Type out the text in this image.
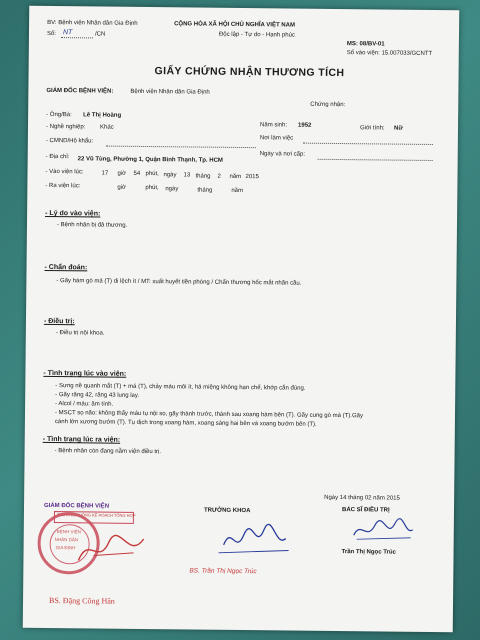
BV: Bệnh viện Nhân dân Gia Định	CỘNG HÒA XÃ HỘI CHỦ NGHĨA VIỆT NAM
Số: NT	/CN	Độc lập - Tự do - Hạnh phúc
MS: 08/BV-01
Số vào viện: 15.007033/GCNTT
GIẤY CHỨNG NHẬN THƯƠNG TÍCH
GIÁM ĐỐC BỆNH VIỆN:	Bệnh viện Nhân dân Gia Định
Chứng nhận:
- Ông/Bà: Lê Thị Hoàng
Năm sinh: 1952	Giới tính: Nữ
- Nghề nghiệp: Khác
Nơi làm việc
- CMND/Hộ khẩu:
Ngày và nơi cấp:
- Địa chỉ: 22 Vũ Tùng, Phường 1, Quận Bình Thạnh, Tp. HCM
- Vào viện lúc:	17 giờ 54 phút, ngày 13 tháng 2 năm 2015
- Ra viện lúc:	giờ	phút, ngày	tháng	năm
- Lý do vào viện:
- Bệnh nhân bị đả thương.
- Chẩn đoán:
- Gãy hàm gò má (T) di lệch ít / MT: xuất huyết tiền phòng / Chấn thương hốc mắt nhãn cầu.
- Điều trị:
- Điều trị nội khoa.
- Tình trạng lúc vào viện:
- Sưng nề quanh mắt (T) + má (T), chảy máu môi ít, há miệng không hạn chế, khớp cắn đúng.
- Gãy răng 42, răng 43 lung lay.
- Alcol / máu: âm tính.
- MSCT sọ não: không thấy máu tụ nội sọ, gãy thành trước, thành sau xoang hàm bên (T). Gãy cung gò má (T).Gãy
cánh lớn xương bướm (T). Tụ dịch trong xoang hàm, xoang sàng hai bên và xoang bướm bên (T).
- Tình trạng lúc ra viện:
- Bệnh nhân còn đang nằm viện điều trị.
Ngày 14 tháng 02 năm 2015
GIÁM ĐỐC BỆNH VIỆN
TRƯỞNG KHOA	BÁC SĨ ĐIỀU TRỊ
TRƯỞNG PHÒNG KẾ HOẠCH TỔNG HỢP
BỆNH VIỆN
NHÂN DÂN
GIA ĐỊNH
BS. Trần Thị Ngọc Trúc
Trần Thị Ngọc Trúc
BS. Đặng Công Hân
